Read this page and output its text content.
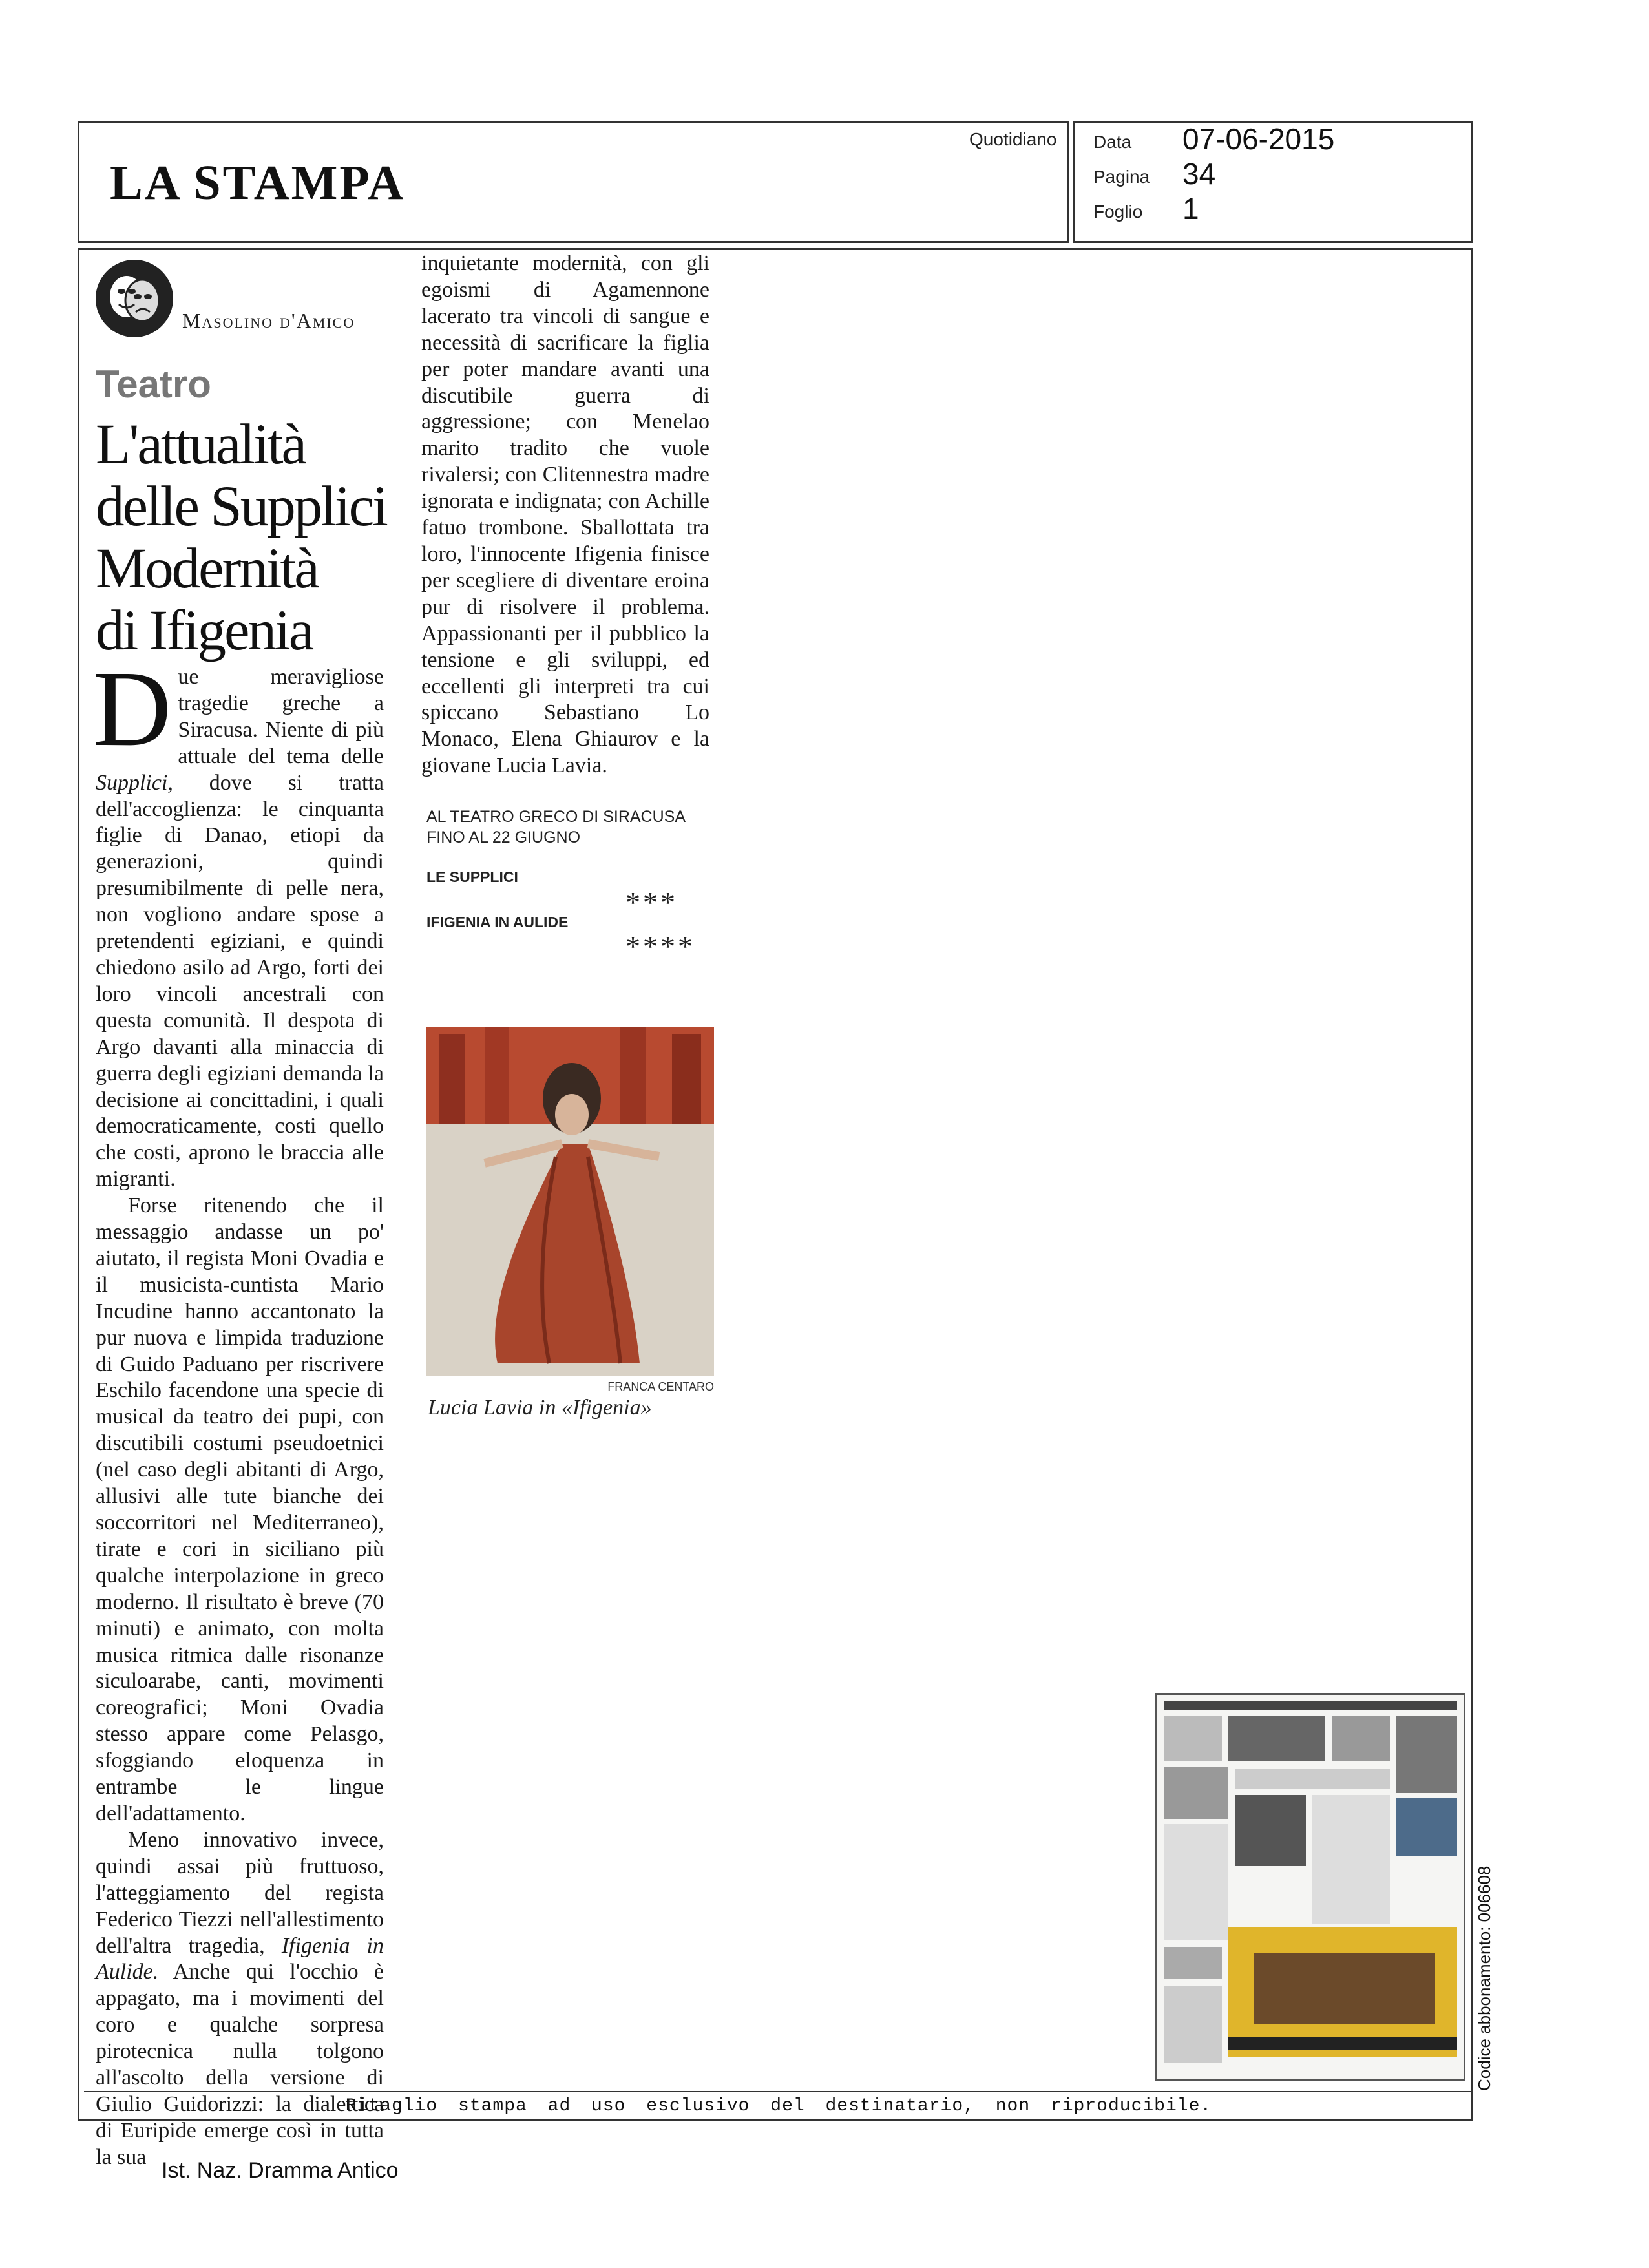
LA STAMPA
Quotidiano Data 07-06-2015
Pagina 34
Foglio 1
Masolino d'Amico
Teatro
L'attualità
delle Supplici
Modernità
di Ifigenia

Due meravigliose tragedie greche a Siracusa. Niente di più attuale del tema delle Supplici, dove si tratta dell'accoglienza: le cinquanta figlie di Danao, etiopi da generazioni, quindi presumibilmente di pelle nera, non vogliono andare spose a pretendenti egiziani, e quindi chiedono asilo ad Argo, forti dei loro vincoli ancestrali con questa comunità. Il despota di Argo davanti alla minaccia di guerra degli egiziani demanda la decisione ai concittadini, i quali democraticamente, costi quello che costi, aprono le braccia alle migranti.

Forse ritenendo che il messaggio andasse un po' aiutato, il regista Moni Ovadia e il musicista-cuntista Mario Incudine hanno accantonato la pur nuova e limpida traduzione di Guido Paduano per riscrivere Eschilo facendone una specie di musical da teatro dei pupi, con discutibili costumi pseudoetnici (nel caso degli abitanti di Argo, allusivi alle tute bianche dei soccorritori nel Mediterraneo), tirate e cori in siciliano più qualche interpolazione in greco moderno. Il risultato è breve (70 minuti) e animato, con molta musica ritmica dalle risonanze siculoarabe, canti, movimenti coreografici; Moni Ovadia stesso appare come Pelasgo, sfoggiando eloquenza in entrambe le lingue dell'adattamento.

Meno innovativo invece, quindi assai più fruttuoso, l'atteggiamento del regista Federico Tiezzi nell'allestimento dell'altra tragedia, Ifigenia in Aulide. Anche qui l'occhio è appagato, ma i movimenti del coro e qualche sorpresa pirotecnica nulla tolgono all'ascolto della versione di Giulio Guidorizzi: la dialettica di Euripide emerge così in tutta la sua

inquietante modernità, con gli egoismi di Agamennone lacerato tra vincoli di sangue e necessità di sacrificare la figlia per poter mandare avanti una discutibile guerra di aggressione; con Menelao marito tradito che vuole rivalersi; con Clitennestra madre ignorata e indignata; con Achille fatuo trombone. Sballottata tra loro, l'innocente Ifigenia finisce per scegliere di diventare eroina pur di risolvere il problema. Appassionanti per il pubblico la tensione e gli sviluppi, ed eccellenti gli interpreti tra cui spiccano Sebastiano Lo Monaco, Elena Ghiaurov e la giovane Lucia Lavia.

AL TEATRO GRECO DI SIRACUSA
FINO AL 22 GIUGNO
LE SUPPLICI
***
IFIGENIA IN AULIDE
****
FRANCA CENTARO
Lucia Lavia in «Ifigenia»
Codice abbonamento: 006608
Ritaglio stampa ad uso esclusivo del destinatario, non riproducibile.
Ist. Naz. Dramma Antico
